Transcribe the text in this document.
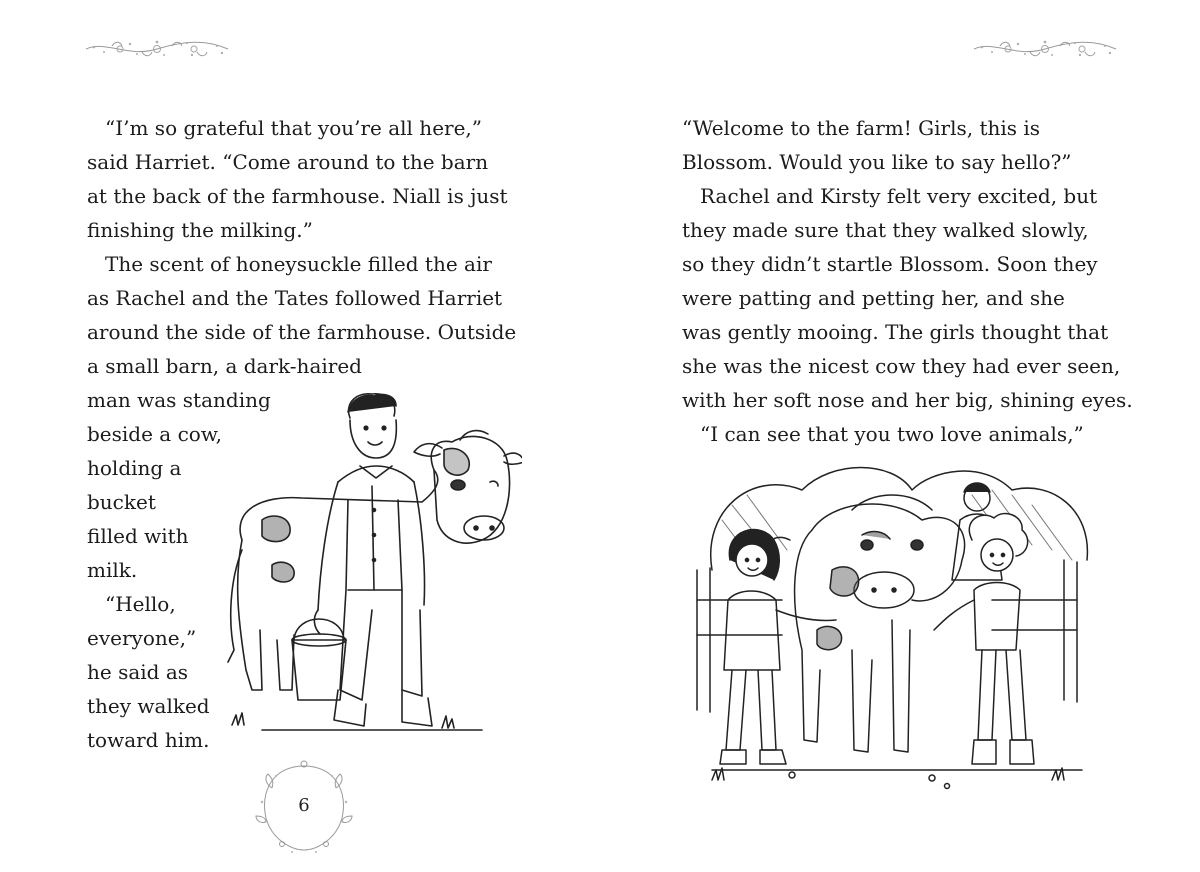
“I’m so grateful that you’re all here,”
said Harriet. “Come around to the barn
at the back of the farmhouse. Niall is just
finishing the milking.”
The scent of honeysuckle filled the air
as Rachel and the Tates followed Harriet
around the side of the farmhouse. Outside
a small barn, a dark-haired
man was standing
beside a cow,
holding a
bucket
filled with
milk.
“Hello,
everyone,”
he said as
they walked
toward him.
6
“Welcome to the farm! Girls, this is
Blossom. Would you like to say hello?”
Rachel and Kirsty felt very excited, but
they made sure that they walked slowly,
so they didn’t startle Blossom. Soon they
were patting and petting her, and she
was gently mooing. The girls thought that
she was the nicest cow they had ever seen,
with her soft nose and her big, shining eyes.
“I can see that you two love animals,”
